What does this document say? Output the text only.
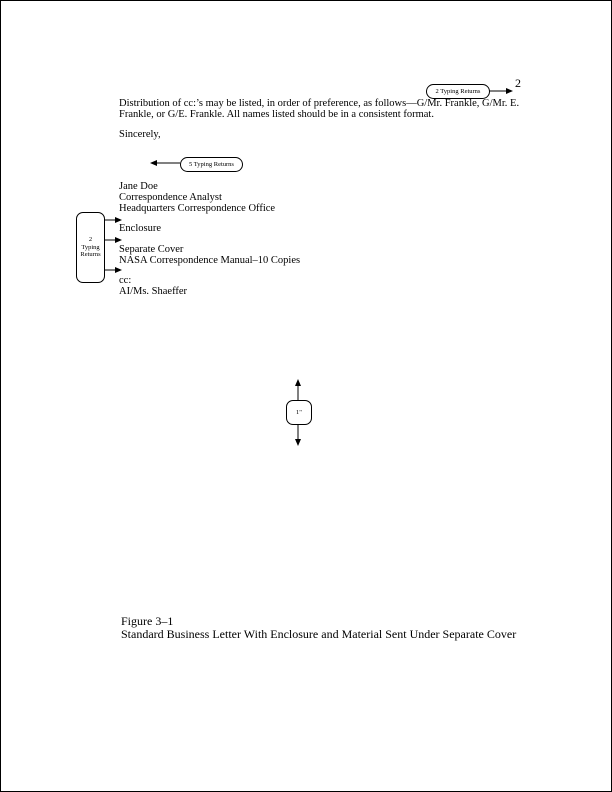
2
2 Typing Returns
5 Typing Returns
2
Typing
Returns
1"
Distribution of cc:’s may be listed, in order of preference, as follows—G/Mr. Frankle, G/Mr. E.
Frankle, or G/E. Frankle. All names listed should be in a consistent format.
Sincerely,
Jane Doe
Correspondence Analyst
Headquarters Correspondence Office
Enclosure
Separate Cover
NASA Correspondence Manual–10 Copies
cc:
AI/Ms. Shaeffer
Figure 3–1
Standard Business Letter With Enclosure and Material Sent Under Separate Cover
